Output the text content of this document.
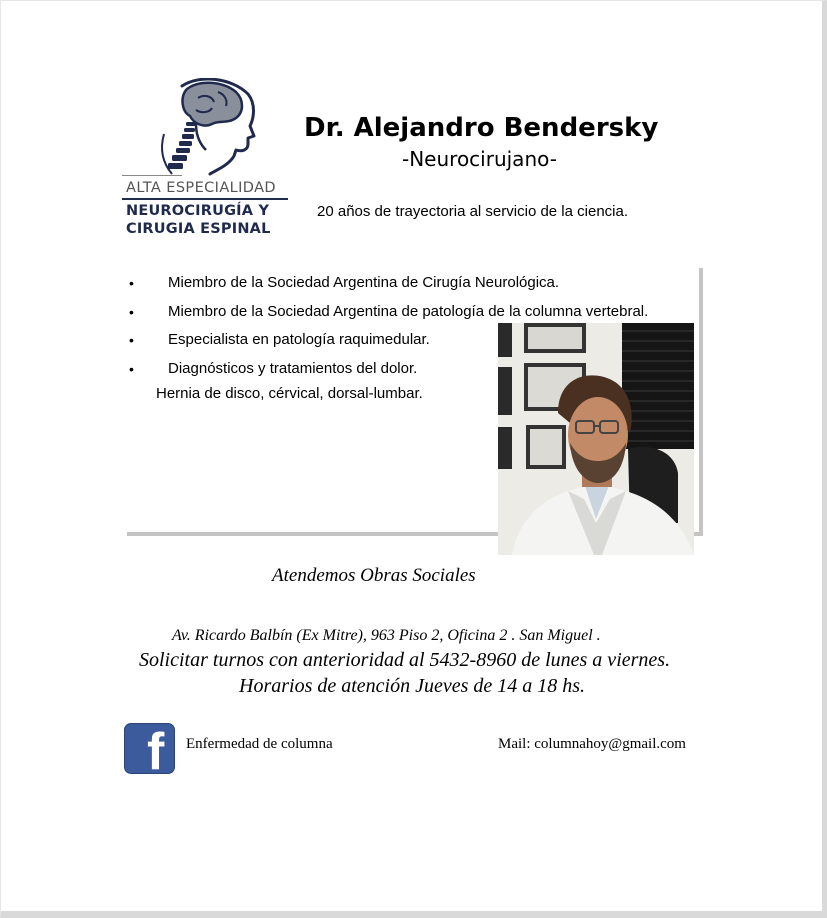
ALTA ESPECIALIDAD
NEUROCIRUGÍA Y
CIRUGIA ESPINAL
Dr. Alejandro Bendersky
-Neurocirujano-
20 años de trayectoria al servicio de la ciencia.
• Miembro de la Sociedad Argentina de Cirugía Neurológica.
• Miembro de la Sociedad Argentina de patología de la columna vertebral.
• Especialista en patología raquimedular.
• Diagnósticos y tratamientos del dolor.
Hernia de disco, cérvical, dorsal-lumbar.
Atendemos Obras Sociales
Av. Ricardo Balbín (Ex Mitre), 963 Piso 2, Oficina 2 . San Miguel .
Solicitar turnos con anterioridad al 5432-8960 de lunes a viernes.
Horarios de atención Jueves de 14 a 18 hs.
f Enfermedad de columna	Mail: columnahoy@gmail.com
